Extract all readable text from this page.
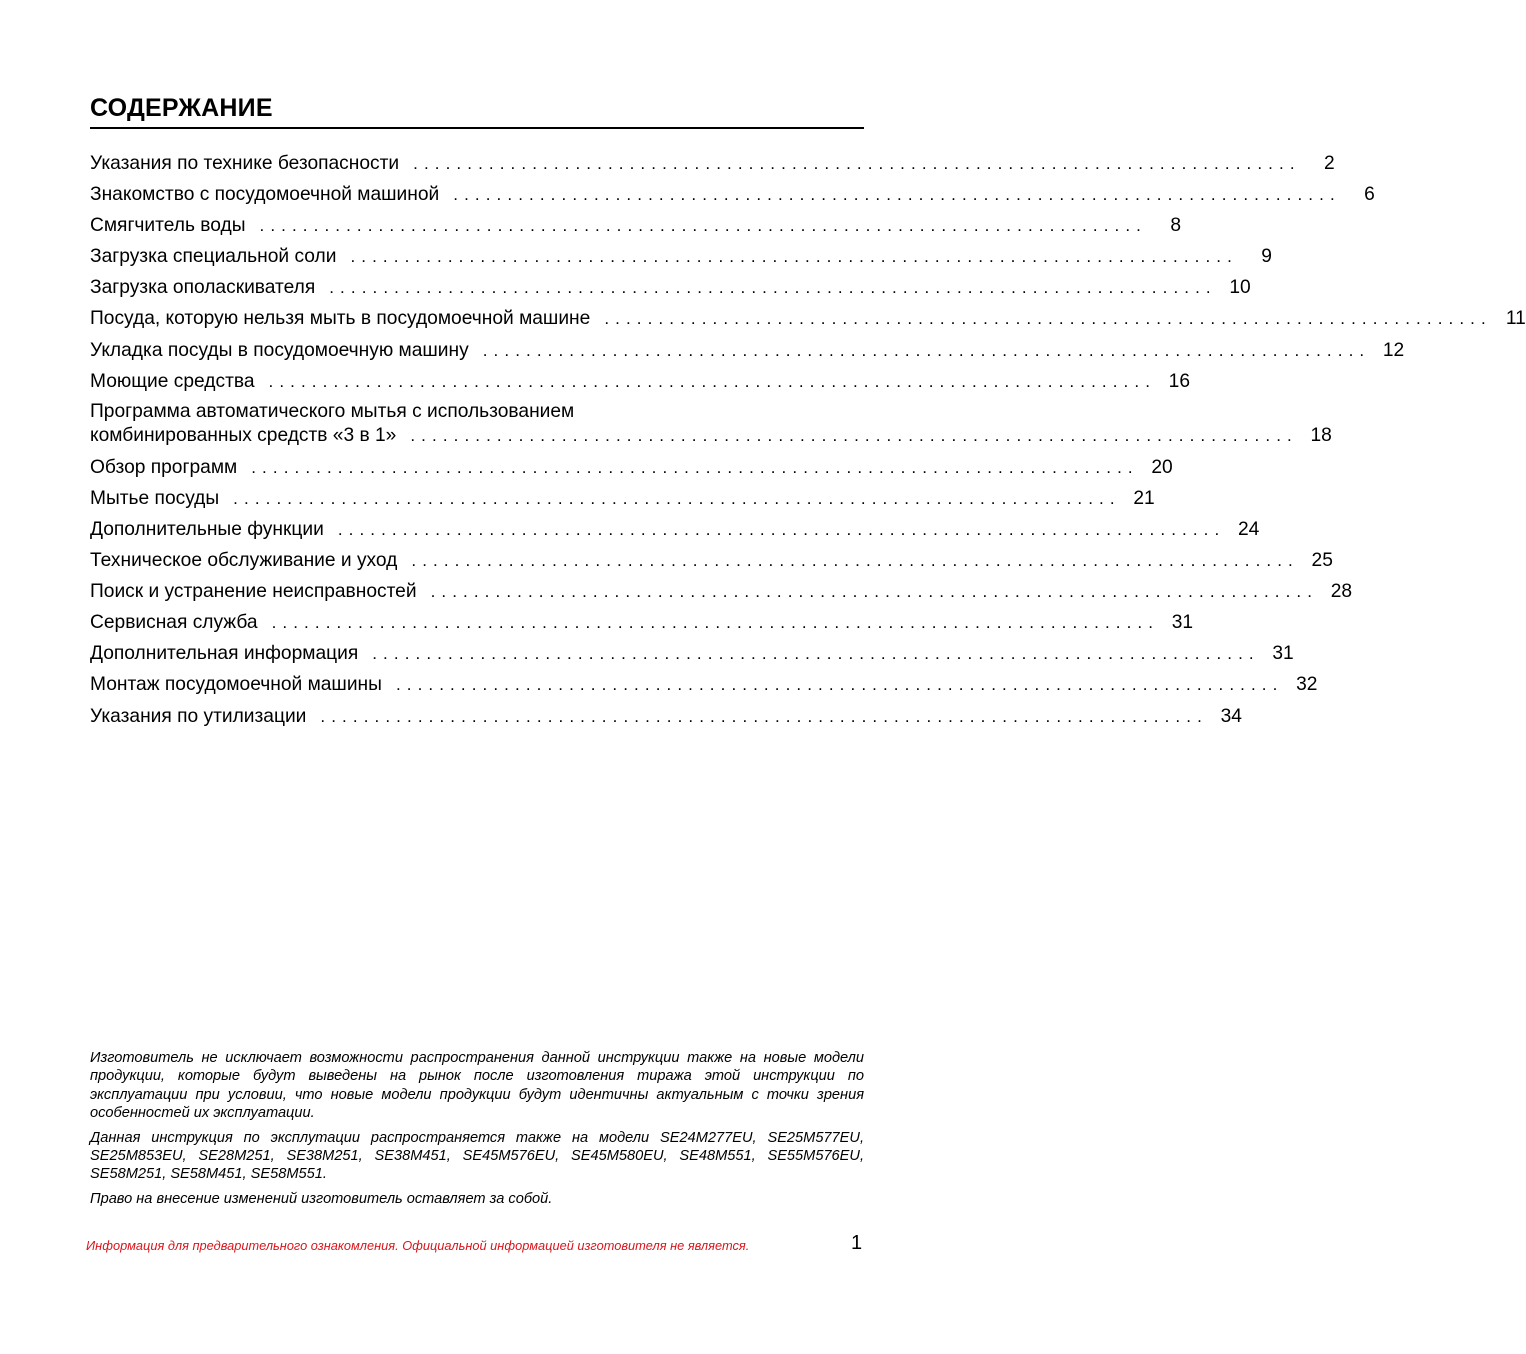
СОДЕРЖАНИЕ
Указания по технике безопасности ..................................................................................	2
Знакомство с посудомоечной машиной ..................................................................................	6
Смягчитель воды ..................................................................................	8
Загрузка специальной соли ..................................................................................	9
Загрузка ополаскивателя .................................................................................. 10
Посуда, которую нельзя мыть в посудомоечной машине .................................................................................. 11
Укладка посуды в посудомоечную машину .................................................................................. 12
Моющие средства .................................................................................. 16
Программа автоматического мытья с использованием
комбинированных средств «3 в 1» .................................................................................. 18
Обзор программ .................................................................................. 20
Мытье посуды .................................................................................. 21
Дополнительные функции .................................................................................. 24
Техническое обслуживание и уход .................................................................................. 25
Поиск и устранение неисправностей .................................................................................. 28
Сервисная служба .................................................................................. 31
Дополнительная информация .................................................................................. 31
Монтаж посудомоечной машины .................................................................................. 32
Указания по утилизации .................................................................................. 34

Изготовитель не исключает возможности распространения данной инструкции также на новые модели продукции, которые будут выведены на рынок после изготовления тиража этой инструкции по эксплуатации при условии, что новые модели продукции будут идентичны актуальным с точки зрения особенностей их эксплуатации.

Данная инструкция по эксплутации распространяется также на модели SE24M277EU, SE25M577EU, SE25M853EU, SE28M251, SE38M251, SE38M451, SE45M576EU, SE45M580EU, SE48M551, SE55M576EU, SE58M251, SE58M451, SE58M551.

Право на внесение изменений изготовитель оставляет за собой.

Информация для предварительного ознакомления. Официальной информацией изготовителя не является.	1
